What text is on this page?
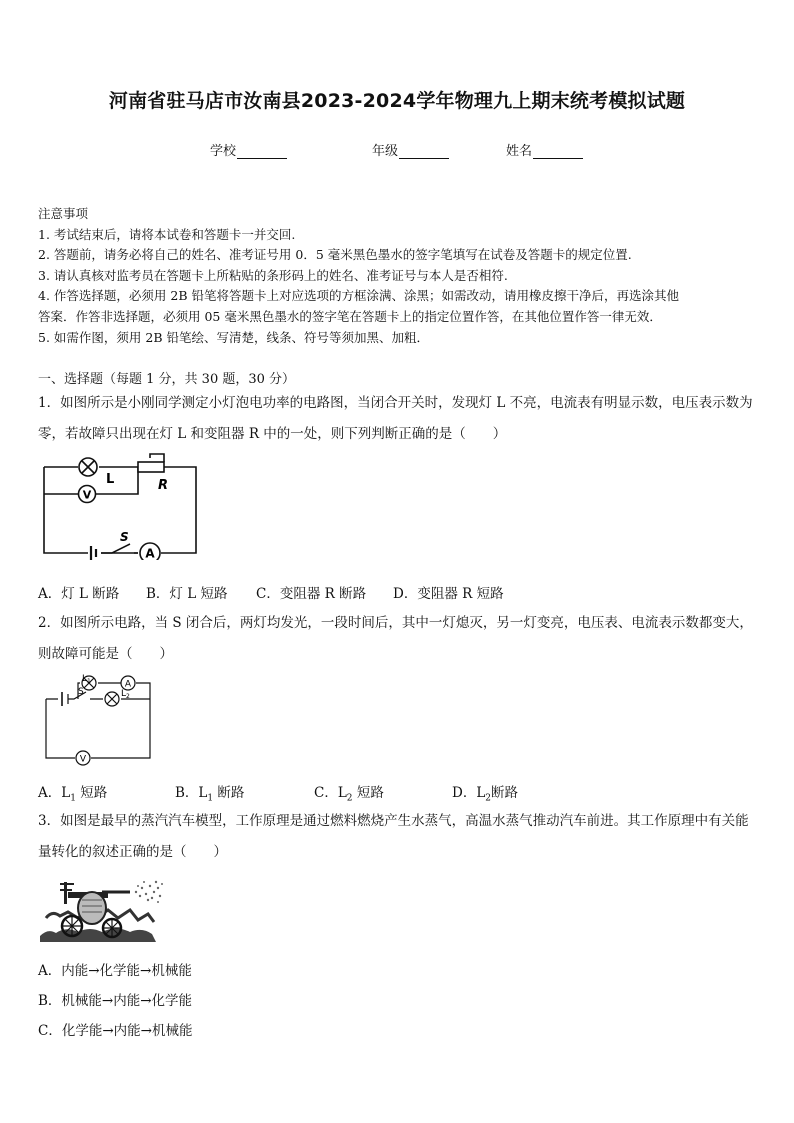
河南省驻马店市汝南县2023-2024学年物理九上期末统考模拟试题
学校	年级	姓名
注意事项
1. 考试结束后，请将本试卷和答题卡一并交回.
2. 答题前，请务必将自己的姓名、准考证号用 0．5 毫米黑色墨水的签字笔填写在试卷及答题卡的规定位置.
3. 请认真核对监考员在答题卡上所粘贴的条形码上的姓名、准考证号与本人是否相符.
4. 作答选择题，必须用 2B 铅笔将答题卡上对应选项的方框涂满、涂黑；如需改动，请用橡皮擦干净后，再选涂其他
答案．作答非选择题，必须用 05 毫米黑色墨水的签字笔在答题卡上的指定位置作答，在其他位置作答一律无效．
5. 如需作图，须用 2B 铅笔绘、写清楚，线条、符号等须加黑、加粗．
一、选择题（每题 1 分，共 30 题，30 分）
1．如图所示是小刚同学测定小灯泡电功率的电路图，当闭合开关时，发现灯 L 不亮，电流表有明显示数，电压表示数为零，若故障只出现在灯 L 和变阻器 R 中的一处，则下列判断正确的是（　　）
V
A
L	R
S
A．灯 L 断路 B．灯 L 短路 C．变阻器 R 断路 D．变阻器 R 短路
2．如图所示电路，当 S 闭合后，两灯均发光，一段时间后，其中一灯熄灭，另一灯变亮，电压表、电流表示数都变大，则故障可能是（　　）
A
V
$L_1$
$L_2$
S
A．$L_1$ 短路	B．$L_1$ 断路	C．$L_2$ 短路	D．$L_2$断路
3．如图是最早的蒸汽汽车模型，工作原理是通过燃料燃烧产生水蒸气，高温水蒸气推动汽车前进。其工作原理中有关能量转化的叙述正确的是（　　）
A．内能→化学能→机械能
B．机械能→内能→化学能
C．化学能→内能→机械能
